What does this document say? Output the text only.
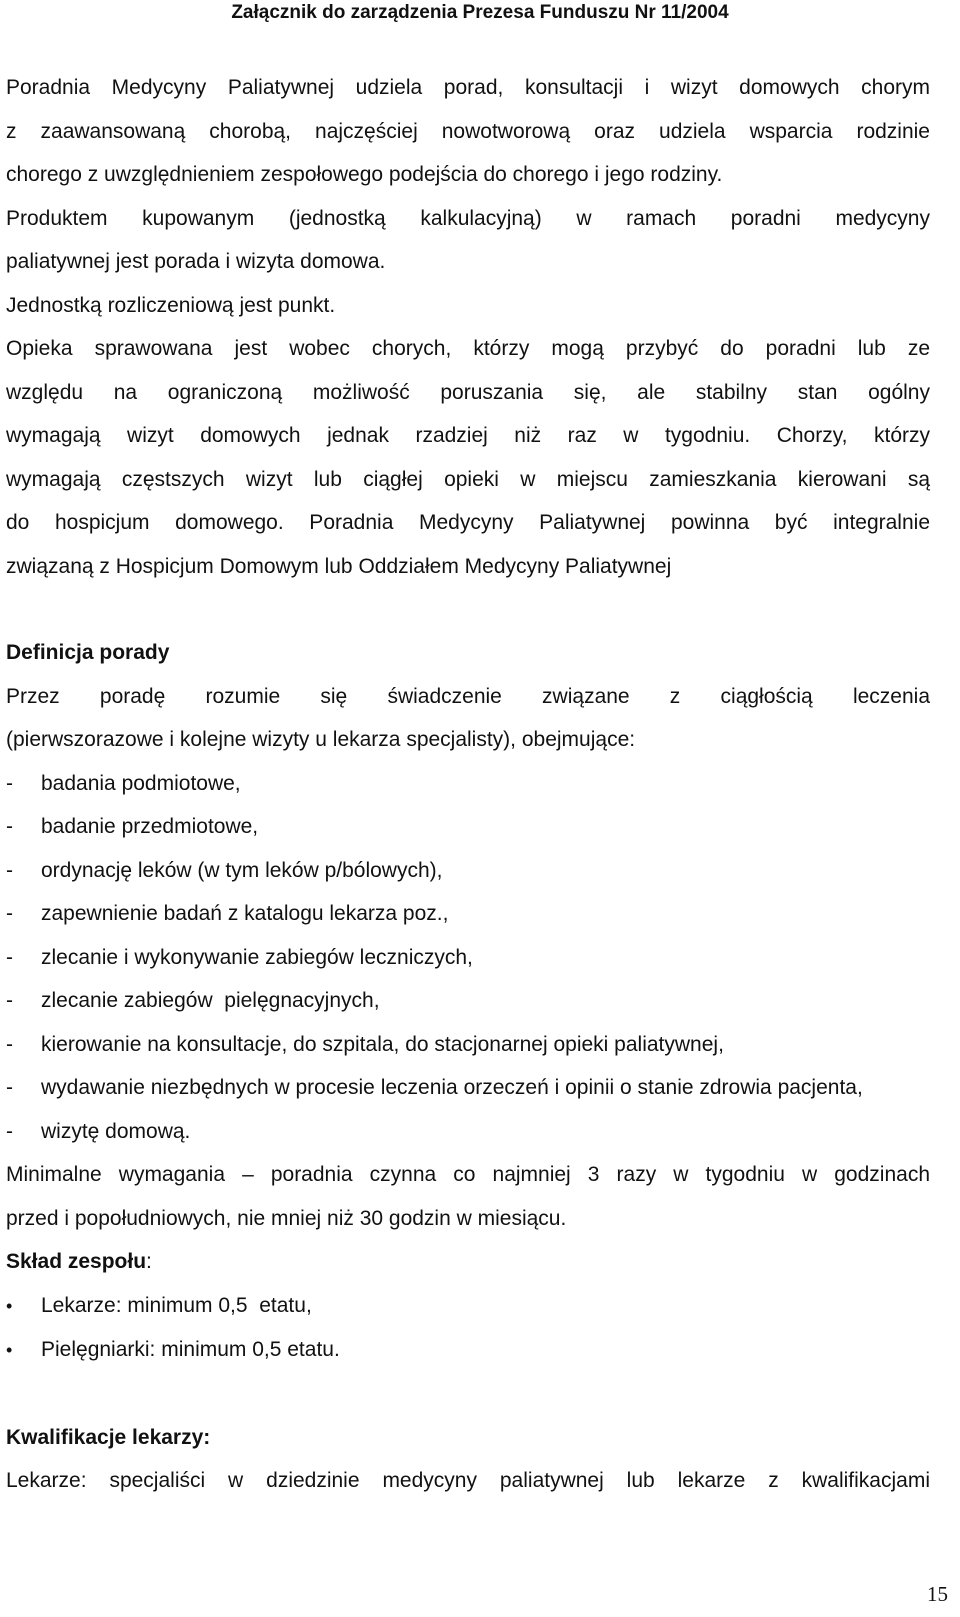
Załącznik do zarządzenia Prezesa Funduszu Nr 11/2004

Poradnia Medycyny Paliatywnej udziela porad, konsultacji i wizyt domowych chorym

z zaawansowaną chorobą, najczęściej nowotworową oraz udziela wsparcia rodzinie

chorego z uwzględnieniem zespołowego podejścia do chorego i jego rodziny.

Produktem kupowanym (jednostką kalkulacyjną) w ramach poradni medycyny

paliatywnej jest porada i wizyta domowa.

Jednostką rozliczeniową jest punkt.

Opieka sprawowana jest wobec chorych, którzy mogą przybyć do poradni lub ze

względu na ograniczoną możliwość poruszania się, ale stabilny stan ogólny

wymagają wizyt domowych jednak rzadziej niż raz w tygodniu. Chorzy, którzy

wymagają częstszych wizyt lub ciągłej opieki w miejscu zamieszkania kierowani są

do hospicjum domowego. Poradnia Medycyny Paliatywnej powinna być integralnie

związaną z Hospicjum Domowym lub Oddziałem Medycyny Paliatywnej

Definicja porady

Przez poradę rozumie się świadczenie związane z ciągłością leczenia

(pierwszorazowe i kolejne wizyty u lekarza specjalisty), obejmujące:

-	badania podmiotowe,
-	badanie przedmiotowe,
-	ordynację leków (w tym leków p/bólowych),
-	zapewnienie badań z katalogu lekarza poz.,
-	zlecanie i wykonywanie zabiegów leczniczych,
-	zlecanie zabiegów  pielęgnacyjnych,
-	kierowanie na konsultacje, do szpitala, do stacjonarnej opieki paliatywnej,
-	wydawanie niezbędnych w procesie leczenia orzeczeń i opinii o stanie zdrowia pacjenta,
-	wizytę domową.

Minimalne wymagania – poradnia czynna co najmniej 3 razy w tygodniu w godzinach

przed i popołudniowych, nie mniej niż 30 godzin w miesiącu.

Skład zespołu:

•	Lekarze: minimum 0,5  etatu,
•	Pielęgniarki: minimum 0,5 etatu.

Kwalifikacje lekarzy:

Lekarze: specjaliści w dziedzinie medycyny paliatywnej lub lekarze z kwalifikacjami

15
